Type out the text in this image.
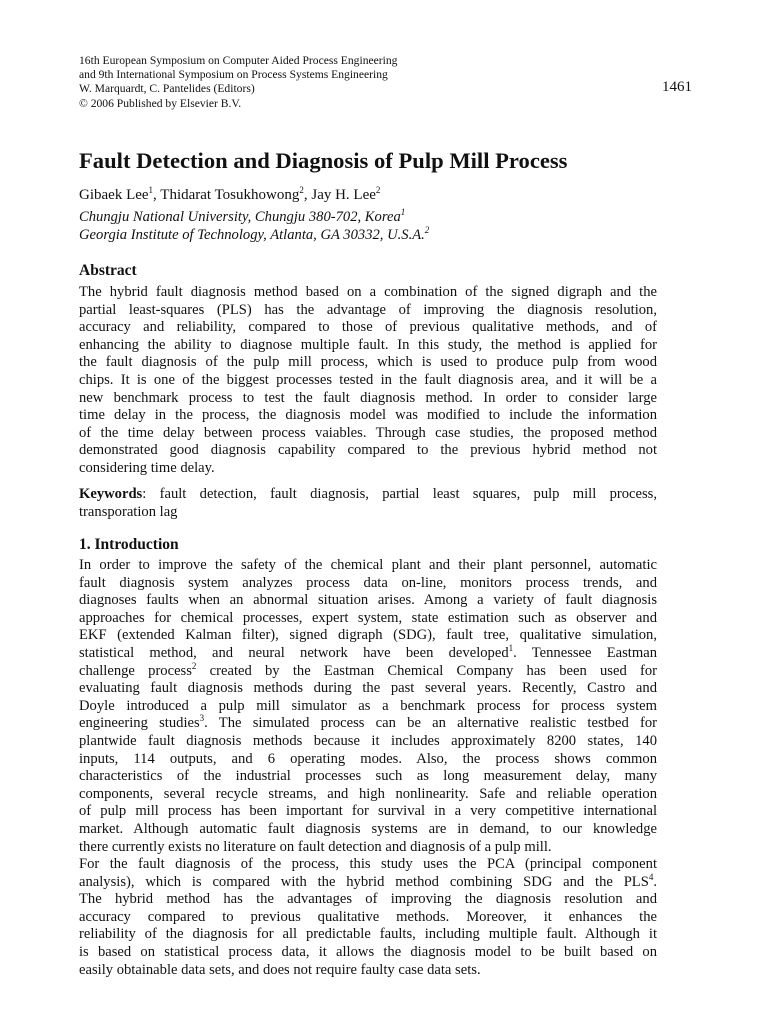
16th European Symposium on Computer Aided Process Engineering
and 9th International Symposium on Process Systems Engineering
W. Marquardt, C. Pantelides (Editors)
© 2006 Published by Elsevier B.V.
1461
Fault Detection and Diagnosis of Pulp Mill Process
Gibaek Lee$^1$, Thidarat Tosukhowong$^2$, Jay H. Lee$^2$
Chungju National University, Chungju 380-702, Korea$^1$
Georgia Institute of Technology, Atlanta, GA 30332, U.S.A.$^2$
Abstract
The hybrid fault diagnosis method based on a combination of the signed digraph and the
partial least-squares (PLS) has the advantage of improving the diagnosis resolution,
accuracy and reliability, compared to those of previous qualitative methods, and of
enhancing the ability to diagnose multiple fault. In this study, the method is applied for
the fault diagnosis of the pulp mill process, which is used to produce pulp from wood
chips. It is one of the biggest processes tested in the fault diagnosis area, and it will be a
new benchmark process to test the fault diagnosis method. In order to consider large
time delay in the process, the diagnosis model was modified to include the information
of the time delay between process vaiables. Through case studies, the proposed method
demonstrated good diagnosis capability compared to the previous hybrid method not
considering time delay.
Keywords: fault detection, fault diagnosis, partial least squares, pulp mill process,
transporation lag
1. Introduction
In order to improve the safety of the chemical plant and their plant personnel, automatic
fault diagnosis system analyzes process data on-line, monitors process trends, and
diagnoses faults when an abnormal situation arises. Among a variety of fault diagnosis
approaches for chemical processes, expert system, state estimation such as observer and
EKF (extended Kalman filter), signed digraph (SDG), fault tree, qualitative simulation,
statistical method, and neural network have been developed$^1$. Tennessee Eastman
challenge process$^2$ created by the Eastman Chemical Company has been used for
evaluating fault diagnosis methods during the past several years. Recently, Castro and
Doyle introduced a pulp mill simulator as a benchmark process for process system
engineering studies$^3$. The simulated process can be an alternative realistic testbed for
plantwide fault diagnosis methods because it includes approximately 8200 states, 140
inputs, 114 outputs, and 6 operating modes. Also, the process shows common
characteristics of the industrial processes such as long measurement delay, many
components, several recycle streams, and high nonlinearity. Safe and reliable operation
of pulp mill process has been important for survival in a very competitive international
market. Although automatic fault diagnosis systems are in demand, to our knowledge
there currently exists no literature on fault detection and diagnosis of a pulp mill.
For the fault diagnosis of the process, this study uses the PCA (principal component
analysis), which is compared with the hybrid method combining SDG and the PLS$^4$.
The hybrid method has the advantages of improving the diagnosis resolution and
accuracy compared to previous qualitative methods. Moreover, it enhances the
reliability of the diagnosis for all predictable faults, including multiple fault. Although it
is based on statistical process data, it allows the diagnosis model to be built based on
easily obtainable data sets, and does not require faulty case data sets.
